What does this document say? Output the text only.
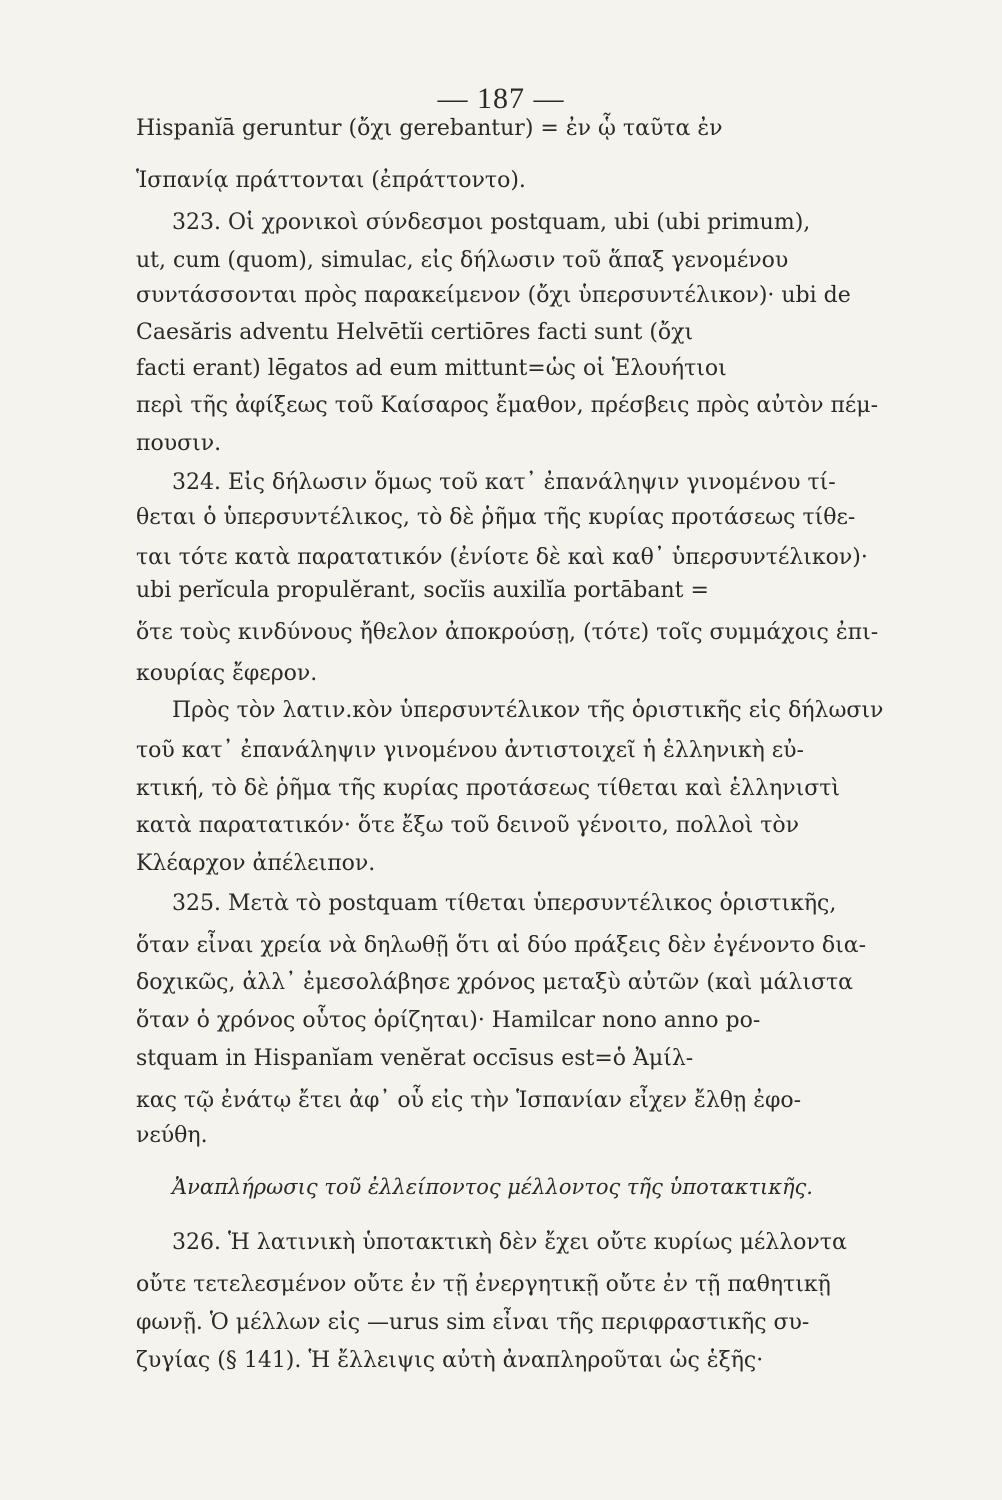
— 187 —
Hispanĭā geruntur (ὄχι gerebantur) = ἐν ᾧ ταῦτα ἐν
Ἱσπανίᾳ πράττονται (ἐπράττοντο).
323. Οἱ χρονικοὶ σύνδεσμοι postquam, ubi (ubi primum),
ut, cum (quom), simulac, εἰς δήλωσιν τοῦ ἅπαξ γενομένου
συντάσσονται πρὸς παρακείμενον (ὄχι ὑπερσυντέλικον)· ubi de
Caesăris adventu Helvētĭi certiōres facti sunt (ὄχι
facti erant) lēgatos ad eum mittunt=ὡς οἱ Ἑλουήτιοι
περὶ τῆς ἀφίξεως τοῦ Καίσαρος ἔμαθον, πρέσβεις πρὸς αὐτὸν πέμ-
πουσιν.
324. Εἰς δήλωσιν ὅμως τοῦ κατ᾽ ἐπανάληψιν γινομένου τί-
θεται ὁ ὑπερσυντέλικος, τὸ δὲ ῥῆμα τῆς κυρίας προτάσεως τίθε-
ται τότε κατὰ παρατατικόν (ἐνίοτε δὲ καὶ καθ᾽ ὑπερσυντέλικον)·
ubi perĭcula propulĕrant, socĭis auxilĭa portābant =
ὅτε τοὺς κινδύνους ἤθελον ἀποκρούσῃ, (τότε) τοῖς συμμάχοις ἐπι-
κουρίας ἔφερον.
Πρὸς τὸν λατιν.κὸν ὑπερσυντέλικον τῆς ὁριστικῆς εἰς δήλωσιν
τοῦ κατ᾽ ἐπανάληψιν γινομένου ἀντιστοιχεῖ ἡ ἑλληνικὴ εὐ-
κτική, τὸ δὲ ῥῆμα τῆς κυρίας προτάσεως τίθεται καὶ ἑλληνιστὶ
κατὰ παρατατικόν· ὅτε ἔξω τοῦ δεινοῦ γένοιτο, πολλοὶ τὸν
Κλέαρχον ἀπέλειπον.
325. Μετὰ τὸ postquam τίθεται ὑπερσυντέλικος ὁριστικῆς,
ὅταν εἶναι χρεία νὰ δηλωθῇ ὅτι αἱ δύο πράξεις δὲν ἐγένοντο δια-
δοχικῶς, ἀλλ᾽ ἐμεσολάβησε χρόνος μεταξὺ αὐτῶν (καὶ μάλιστα
ὅταν ὁ χρόνος οὗτος ὁρίζηται)· Hamilcar nono anno po-
stquam in Hispanĭam venĕrat occīsus est=ὁ Ἀμίλ-
κας τῷ ἐνάτῳ ἔτει ἀφ᾽ οὗ εἰς τὴν Ἱσπανίαν εἶχεν ἔλθῃ ἐφο-
νεύθη.
Ἀναπλήρωσις τοῦ ἐλλείποντος μέλλοντος τῆς ὑποτακτικῆς.
326. Ἡ λατινικὴ ὑποτακτικὴ δὲν ἔχει οὔτε κυρίως μέλλοντα
οὔτε τετελεσμένον οὔτε ἐν τῇ ἐνεργητικῇ οὔτε ἐν τῇ παθητικῇ
φωνῇ. Ὁ μέλλων εἰς —urus sim εἶναι τῆς περιφραστικῆς συ-
ζυγίας (§ 141). Ἡ ἔλλειψις αὐτὴ ἀναπληροῦται ὡς ἑξῆς·
